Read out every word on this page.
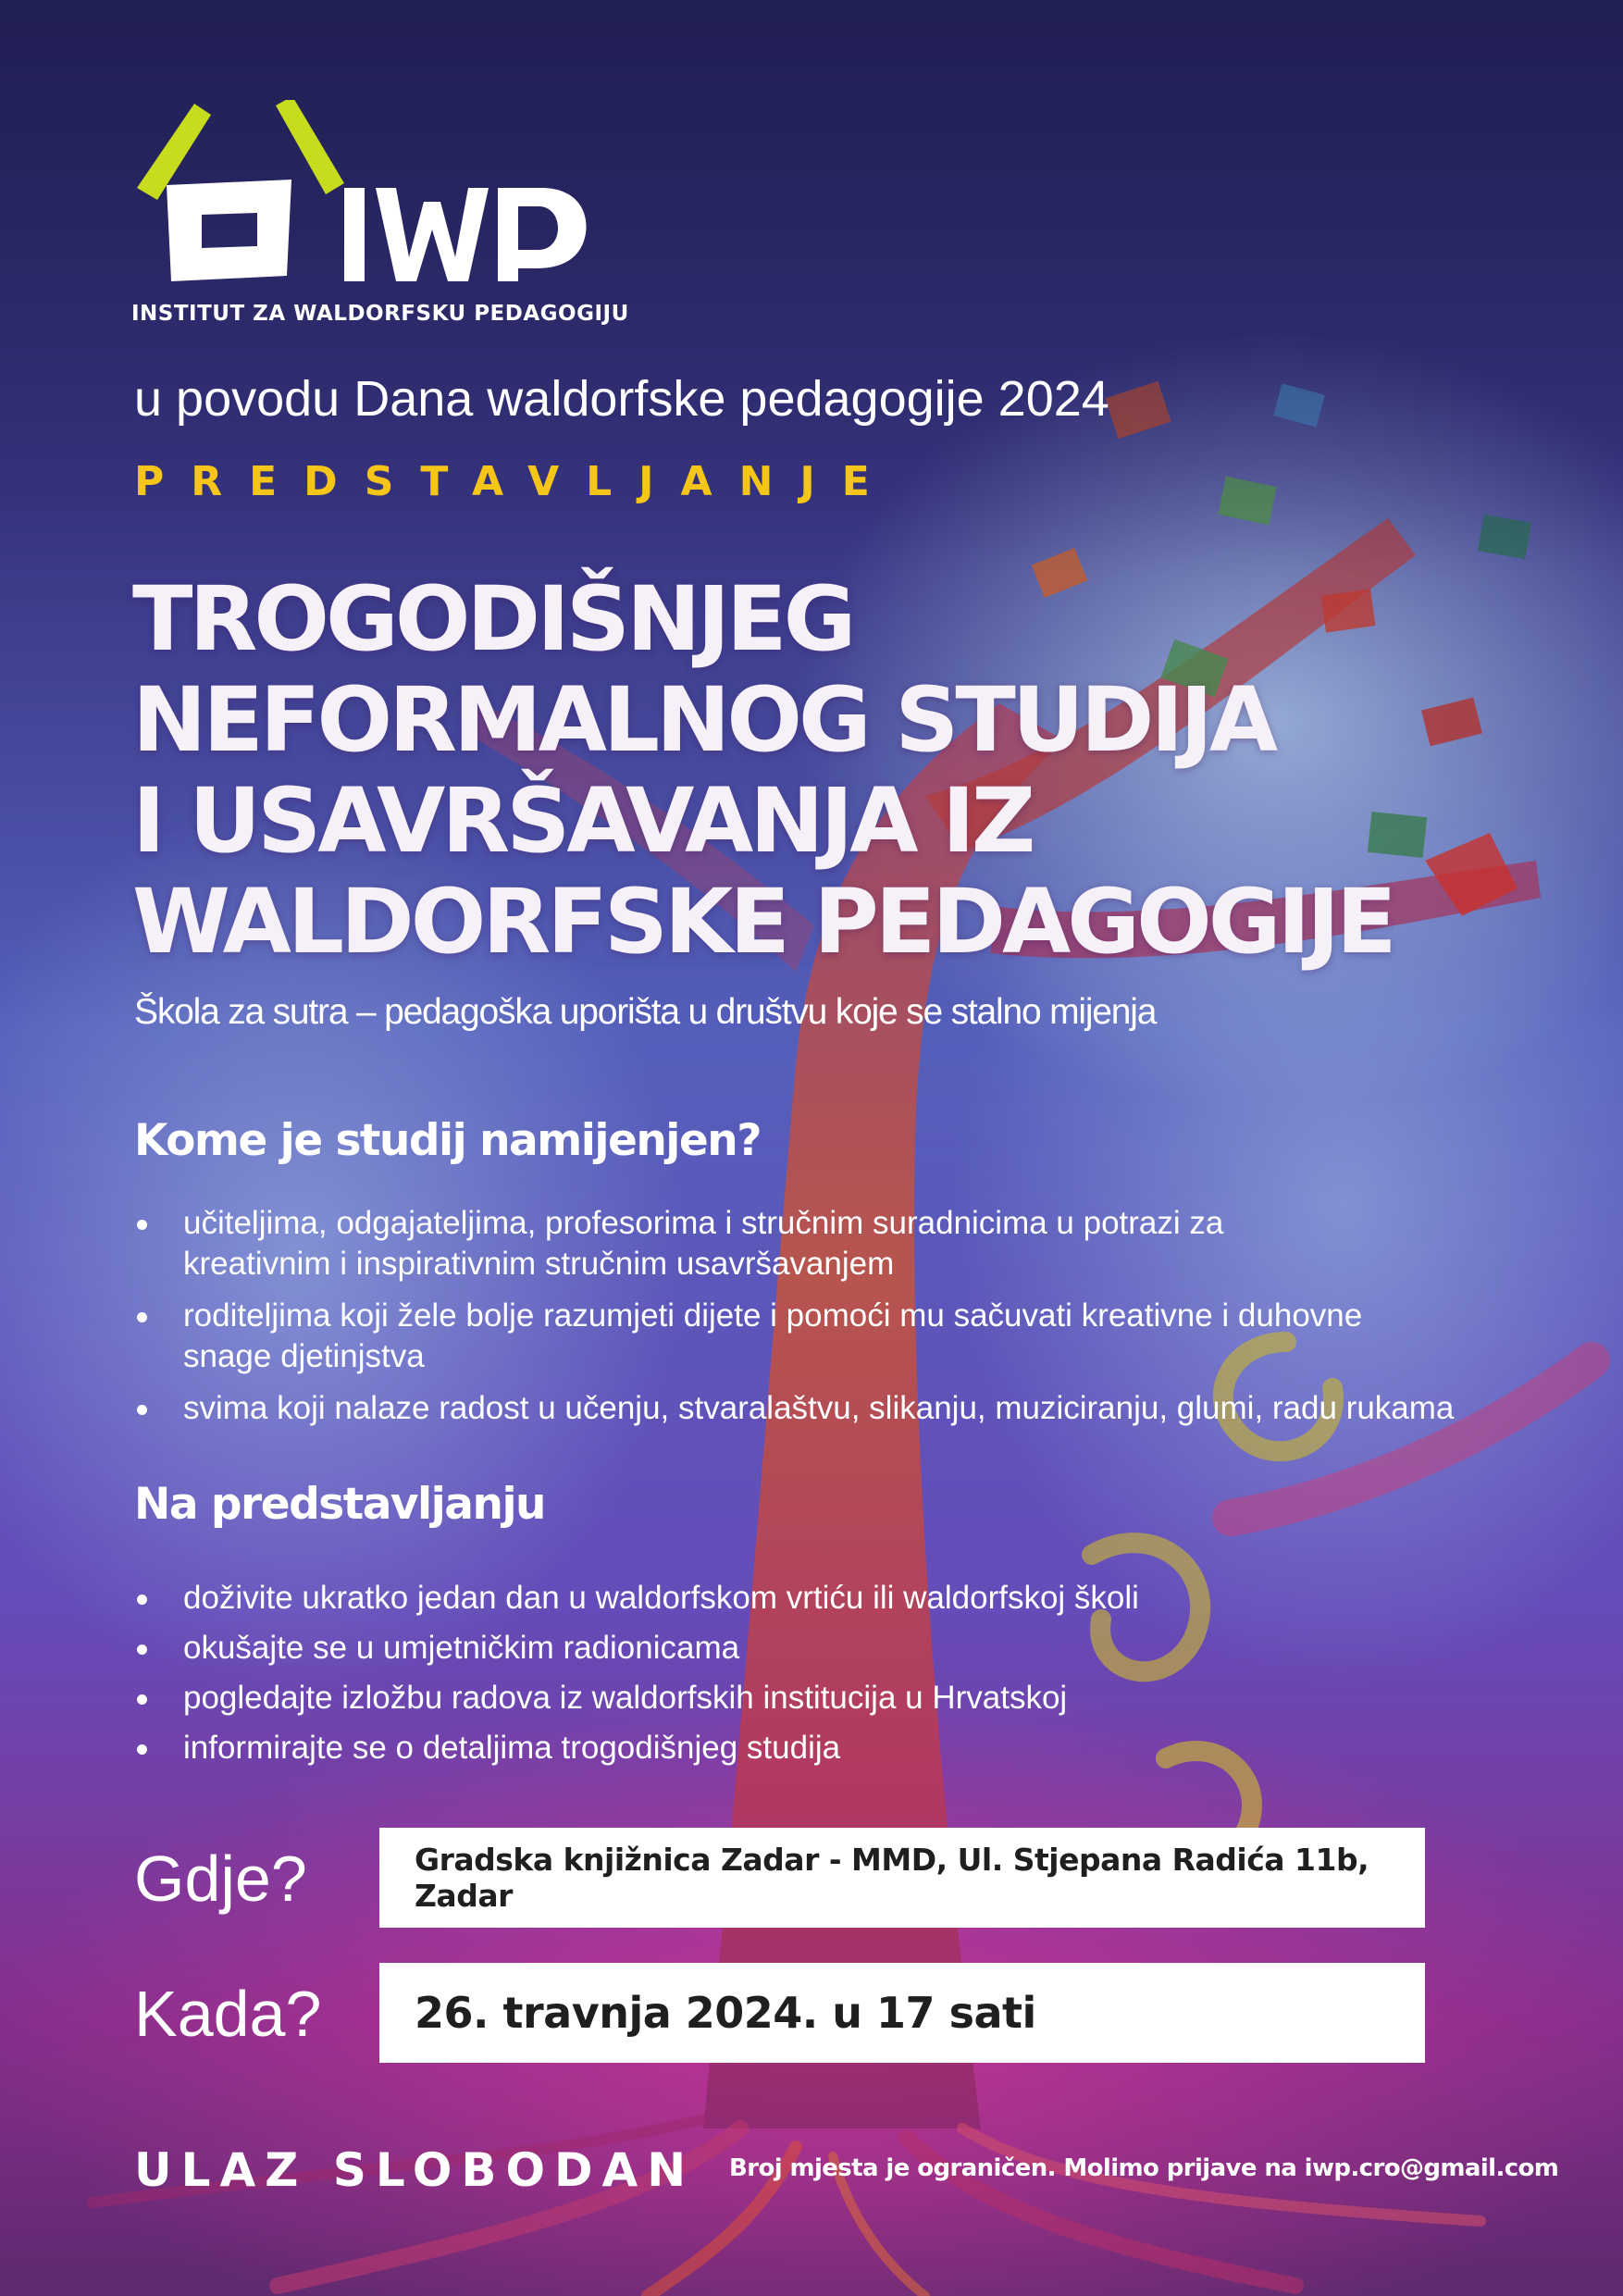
INSTITUT ZA WALDORFSKU PEDAGOGIJU
u povodu Dana waldorfske pedagogije 2024
PREDSTAVLJANJE
TROGODIŠNJEG
NEFORMALNOG STUDIJA
I USAVRŠAVANJA IZ
WALDORFSKE PEDAGOGIJE
Škola za sutra – pedagoška uporišta u društvu koje se stalno mijenja
Kome je studij namijenjen?
učiteljima, odgajateljima, profesorima i stručnim suradnicima u potrazi za kreativnim i inspirativnim stručnim usavršavanjem
roditeljima koji žele bolje razumjeti dijete i pomoći mu sačuvati kreativne i duhovne snage djetinjstva
svima koji nalaze radost u učenju, stvaralaštvu, slikanju, muziciranju, glumi, radu rukama
Na predstavljanju
doživite ukratko jedan dan u waldorfskom vrtiću ili waldorfskoj školi
okušajte se u umjetničkim radionicama
pogledajte izložbu radova iz waldorfskih institucija u Hrvatskoj
informirajte se o detaljima trogodišnjeg studija
Gdje?	Gradska knjižnica Zadar - MMD, Ul. Stjepana Radića 11b, Zadar
Kada?	26. travnja 2024. u 17 sati
ULAZ SLOBODAN Broj mjesta je ograničen. Molimo prijave na iwp.cro@gmail.com
